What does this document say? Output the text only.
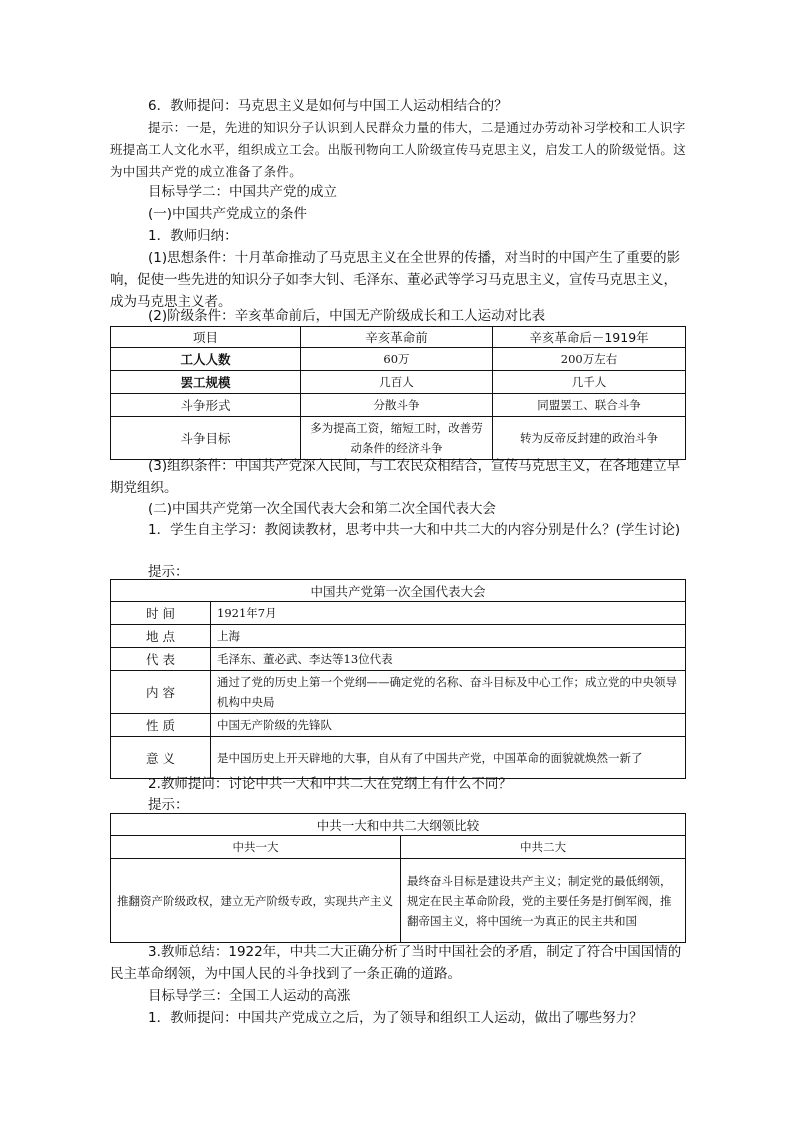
6．教师提问：马克思主义是如何与中国工人运动相结合的？
提示：一是，先进的知识分子认识到人民群众力量的伟大，二是通过办劳动补习学校和工人识字班提高工人文化水平，组织成立工会。出版刊物向工人阶级宣传马克思主义，启发工人的阶级觉悟。这为中国共产党的成立准备了条件。
目标导学二：中国共产党的成立
(一)中国共产党成立的条件
1．教师归纳：
(1)思想条件：十月革命推动了马克思主义在全世界的传播，对当时的中国产生了重要的影响，促使一些先进的知识分子如李大钊、毛泽东、董必武等学习马克思主义，宣传马克思主义，成为马克思主义者。
(2)阶级条件：辛亥革命前后，中国无产阶级成长和工人运动对比表
项目	辛亥革命前	辛亥革命后－1919年
工人人数	60万	200万左右
罢工规模	几百人	几千人
斗争形式	分散斗争	同盟罢工、联合斗争
斗争目标	多为提高工资，缩短工时，改善劳动条件的经济斗争	转为反帝反封建的政治斗争
(3)组织条件：中国共产党深入民间，与工农民众相结合，宣传马克思主义，在各地建立早期党组织。
(二)中国共产党第一次全国代表大会和第二次全国代表大会
1．学生自主学习：教阅读教材，思考中共一大和中共二大的内容分别是什么？(学生讨论)
提示：
中国共产党第一次全国代表大会	
时 间	1921年7月
地 点	上海
代 表	毛泽东、董必武、李达等13位代表
内 容	通过了党的历史上第一个党纲——确定党的名称、奋斗目标及中心工作；成立党的中央领导机构中央局
性 质	中国无产阶级的先锋队
意 义	是中国历史上开天辟地的大事，自从有了中国共产党，中国革命的面貌就焕然一新了
2.教师提问：讨论中共一大和中共二大在党纲上有什么不同？
提示：
中共一大和中共二大纲领比较	
中共一大	中共二大
推翻资产阶级政权，建立无产阶级专政，实现共产主义	最终奋斗目标是建设共产主义；制定党的最低纲领，规定在民主革命阶段，党的主要任务是打倒军阀，推翻帝国主义，将中国统一为真正的民主共和国
3.教师总结：1922年，中共二大正确分析了当时中国社会的矛盾，制定了符合中国国情的民主革命纲领，为中国人民的斗争找到了一条正确的道路。
目标导学三：全国工人运动的高涨
1．教师提问：中国共产党成立之后，为了领导和组织工人运动，做出了哪些努力？
